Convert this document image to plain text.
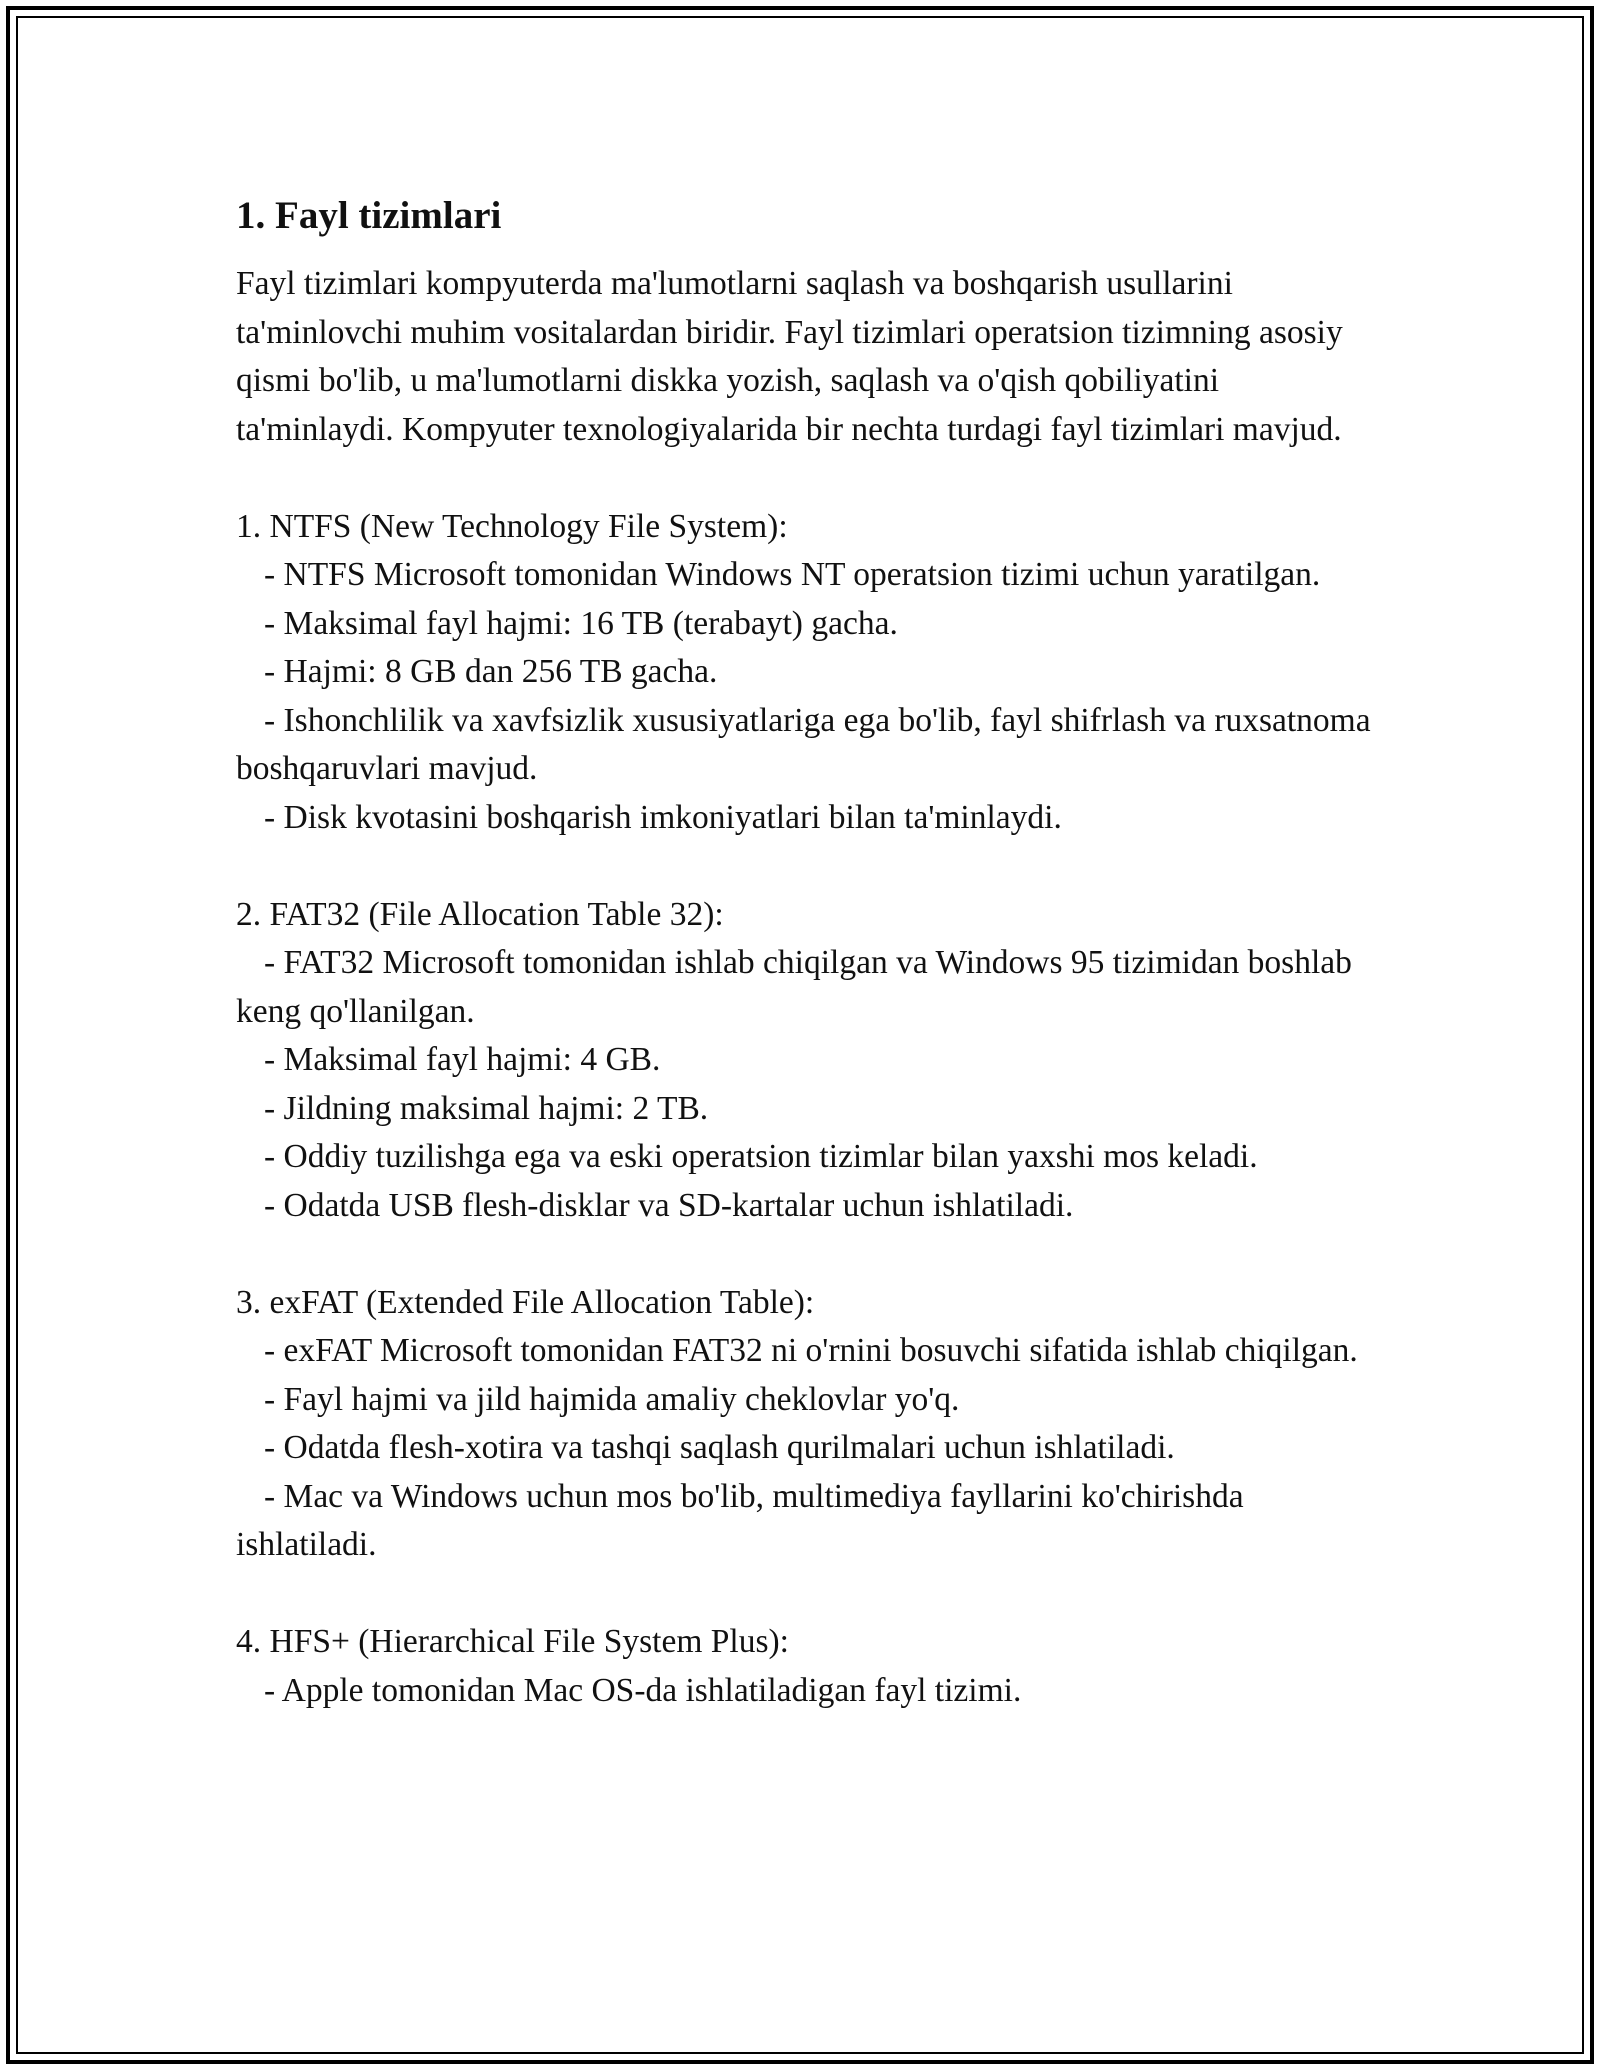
1. Fayl tizimlari

Fayl tizimlari kompyuterda ma'lumotlarni saqlash va boshqarish usullarini ta'minlovchi muhim vositalardan biridir. Fayl tizimlari operatsion tizimning asosiy qismi bo'lib, u ma'lumotlarni diskka yozish, saqlash va o'qish qobiliyatini ta'minlaydi. Kompyuter texnologiyalarida bir nechta turdagi fayl tizimlari mavjud.

1. NTFS (New Technology File System):
- NTFS Microsoft tomonidan Windows NT operatsion tizimi uchun yaratilgan.
- Maksimal fayl hajmi: 16 TB (terabayt) gacha.
- Hajmi: 8 GB dan 256 TB gacha.
- Ishonchlilik va xavfsizlik xususiyatlariga ega bo'lib, fayl shifrlash va ruxsatnoma boshqaruvlari mavjud.
- Disk kvotasini boshqarish imkoniyatlari bilan ta'minlaydi.
2. FAT32 (File Allocation Table 32):
- FAT32 Microsoft tomonidan ishlab chiqilgan va Windows 95 tizimidan boshlab keng qo'llanilgan.
- Maksimal fayl hajmi: 4 GB.
- Jildning maksimal hajmi: 2 TB.
- Oddiy tuzilishga ega va eski operatsion tizimlar bilan yaxshi mos keladi.
- Odatda USB flesh-disklar va SD-kartalar uchun ishlatiladi.
3. exFAT (Extended File Allocation Table):
- exFAT Microsoft tomonidan FAT32 ni o'rnini bosuvchi sifatida ishlab chiqilgan.
- Fayl hajmi va jild hajmida amaliy cheklovlar yo'q.
- Odatda flesh-xotira va tashqi saqlash qurilmalari uchun ishlatiladi.
- Mac va Windows uchun mos bo'lib, multimediya fayllarini ko'chirishda ishlatiladi.
4. HFS+ (Hierarchical File System Plus):
- Apple tomonidan Mac OS-da ishlatiladigan fayl tizimi.
